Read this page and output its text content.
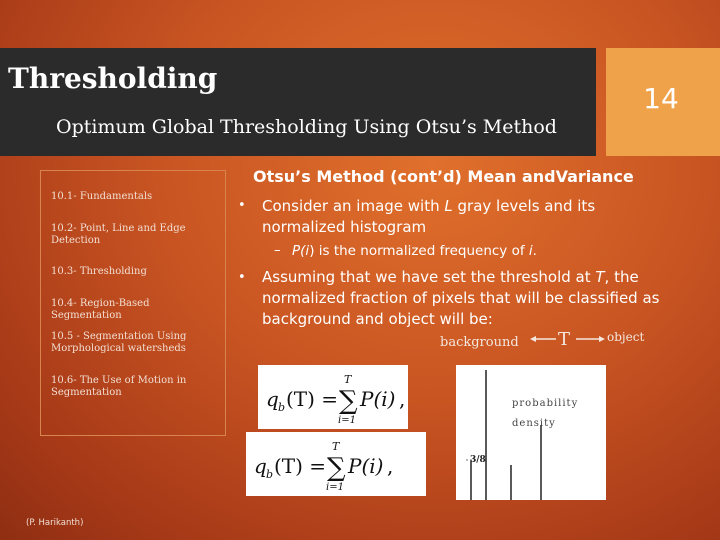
Thresholding
Optimum Global Thresholding Using Otsu’s Method
14
10.1- Fundamentals
10.2- Point, Line and Edge Detection
10.3- Thresholding
10.4- Region-Based Segmentation
10.5 - Segmentation Using Morphological watersheds
10.6- The Use of Motion in Segmentation
(P. Harikanth)
Otsu’s Method (cont’d) Mean andVariance
• Consider an image with L gray levels and its normalized histogram
– P(i) is the normalized frequency of i.
• Assuming that we have set the threshold at T, the normalized fraction of pixels that will be classified as background and object will be:
background T	object
q b (T) =
T
∑
i=1
P(i) ,
q b (T) =
T
∑
i=1
P(i) ,
probability
density
3/8
